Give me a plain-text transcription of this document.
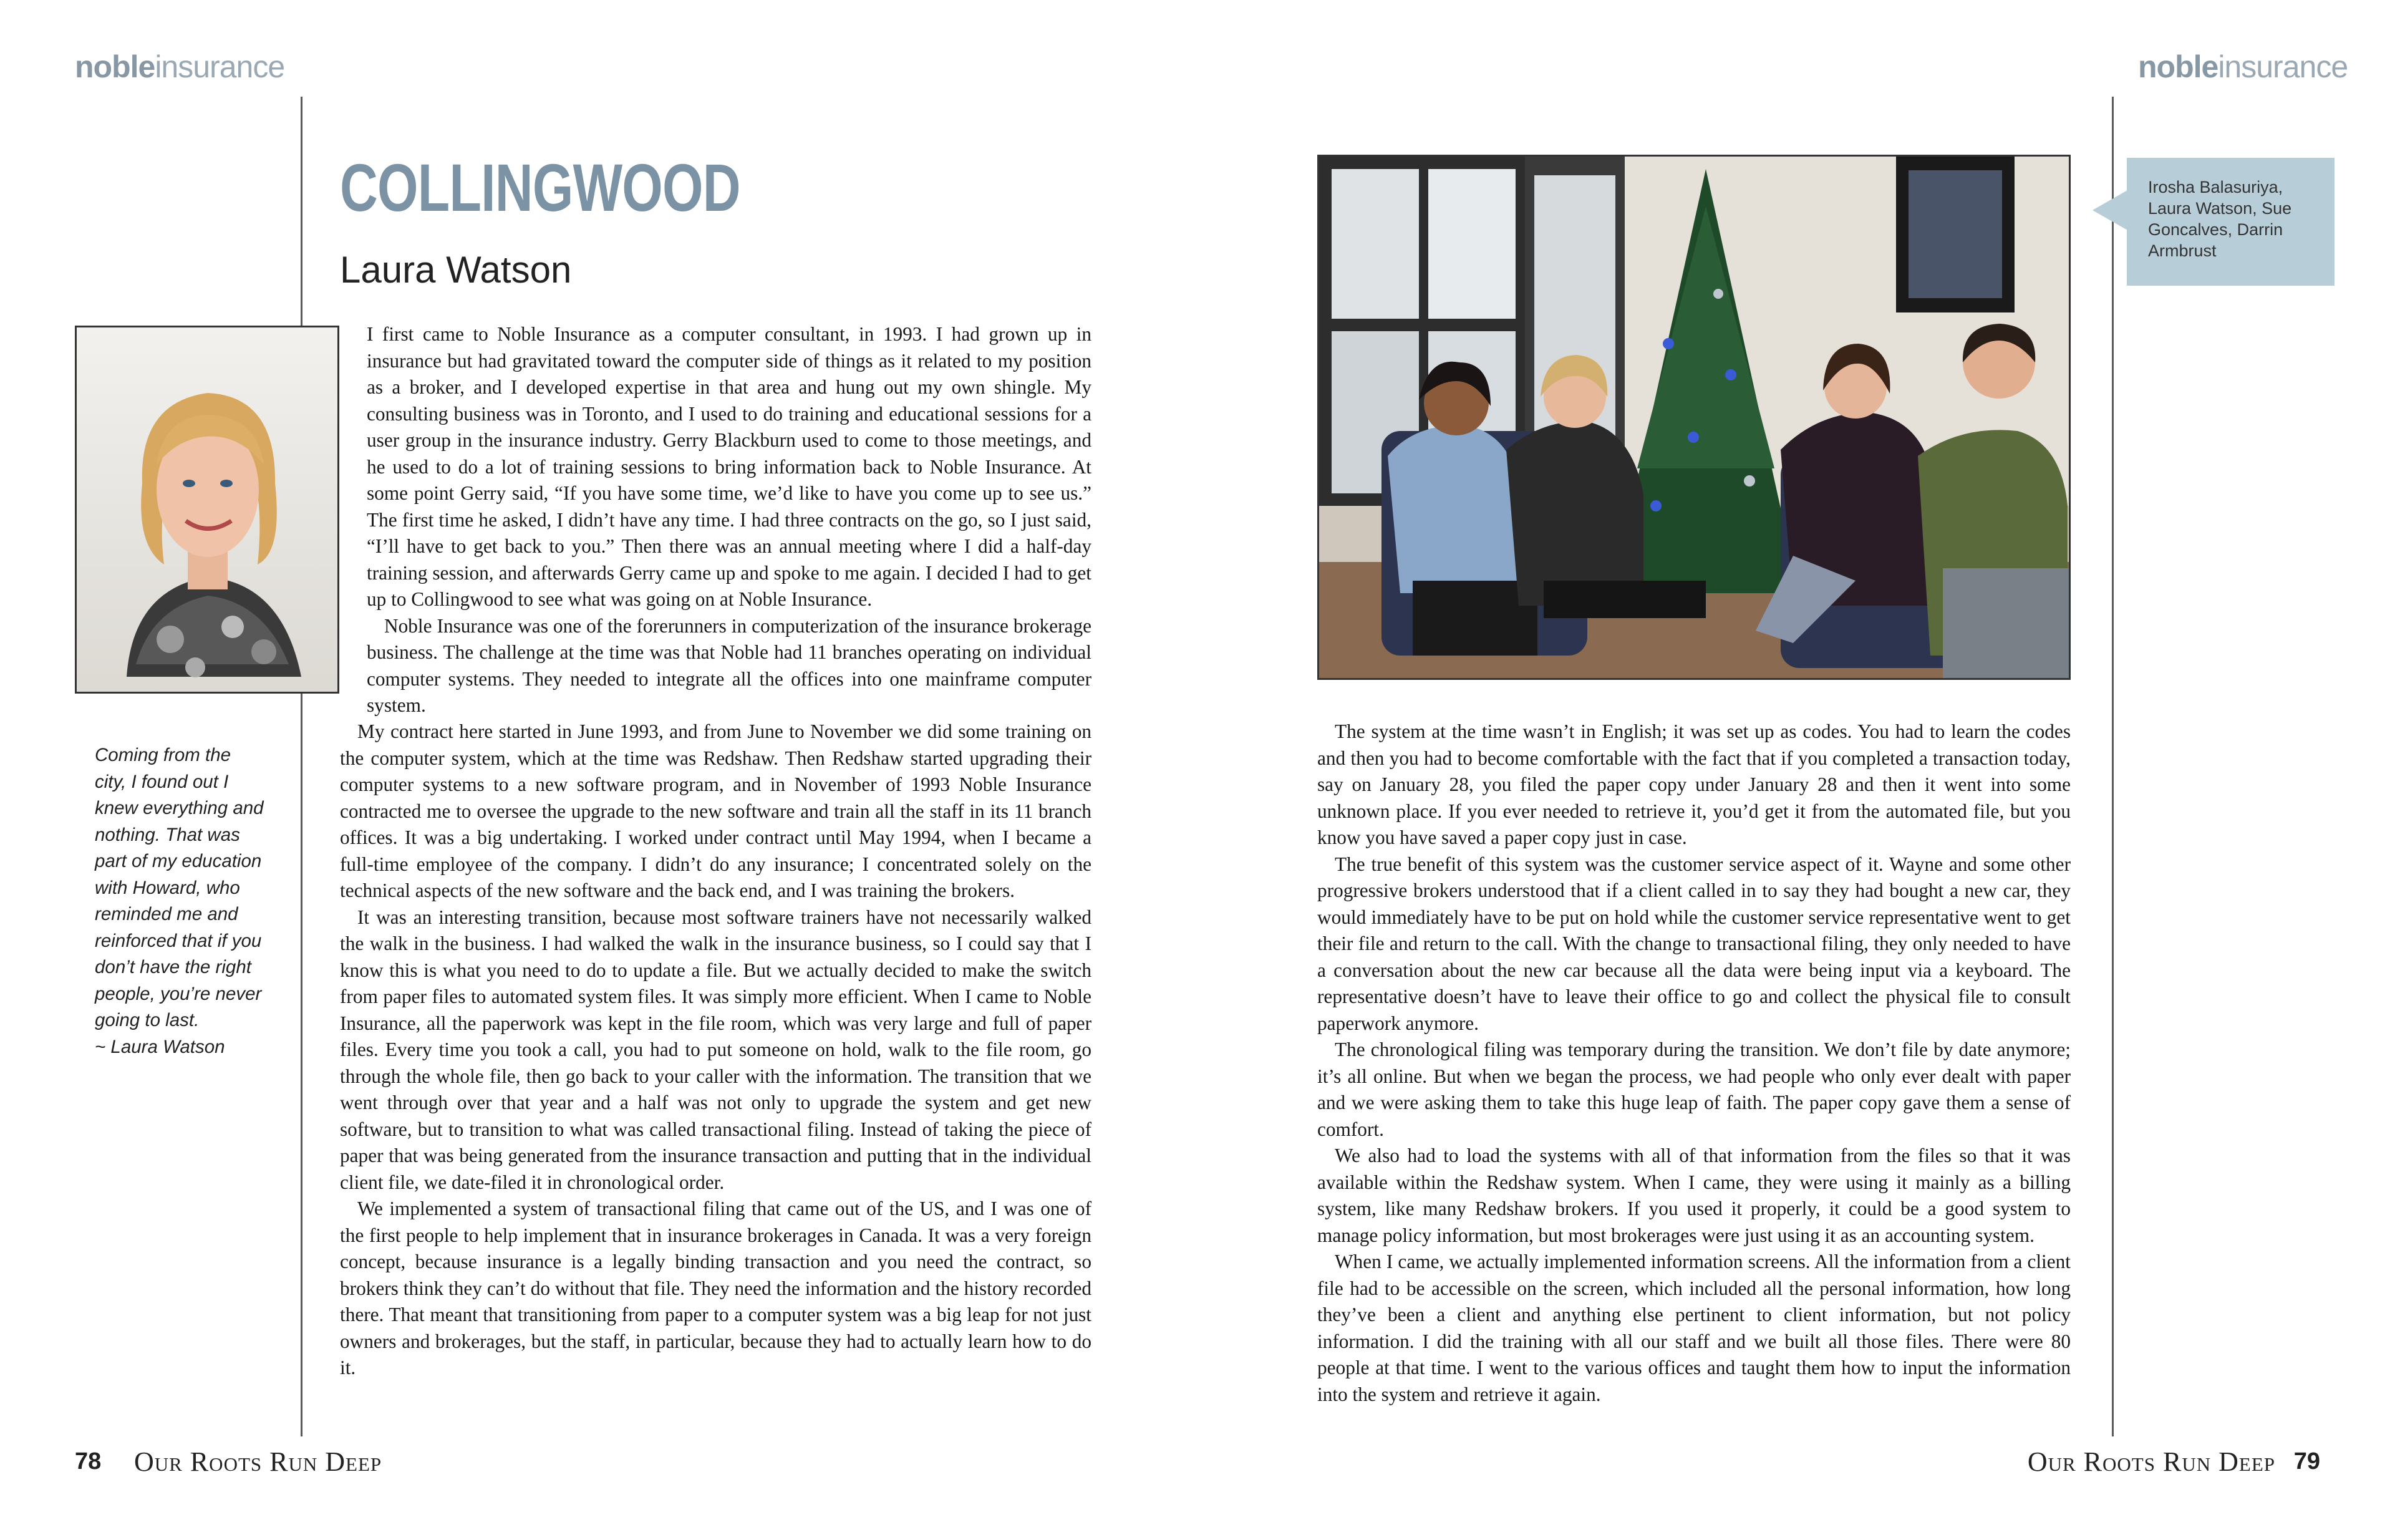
nobleinsurance	nobleinsurance
COLLINGWOOD
Laura Watson
Coming from the
city, I found out I
knew everything and
nothing. That was
part of my education
with Howard, who
reminded me and
reinforced that if you
don’t have the right
people, you’re never
going to last.
~ Laura Watson

I first came to Noble Insurance as a computer consultant, in 1993. I had grown up in insurance but had gravitated toward the computer side of things as it related to my position as a broker, and I developed expertise in that area and hung out my own shingle. My consulting business was in Toronto, and I used to do training and educational sessions for a user group in the insurance industry. Gerry Blackburn used to come to those meetings, and he used to do a lot of training sessions to bring information back to Noble Insurance. At some point Gerry said, “If you have some time, we’d like to have you come up to see us.” The first time he asked, I didn’t have any time. I had three contracts on the go, so I just said, “I’ll have to get back to you.” Then there was an annual meeting where I did a half-day training session, and afterwards Gerry came up and spoke to me again. I decided I had to get up to Collingwood to see what was going on at Noble Insurance.

Noble Insurance was one of the forerunners in computerization of the insurance brokerage business. The challenge at the time was that Noble had 11 branches operating on individual computer systems. They needed to integrate all the offices into one mainframe computer system.

My contract here started in June 1993, and from June to November we did some training on the computer system, which at the time was Redshaw. Then Redshaw started upgrading their computer systems to a new software program, and in November of 1993 Noble Insurance contracted me to oversee the upgrade to the new software and train all the staff in its 11 branch offices. It was a big undertaking. I worked under contract until May 1994, when I became a full-time employee of the company. I didn’t do any insurance; I concentrated solely on the technical aspects of the new software and the back end, and I was training the brokers.

It was an interesting transition, because most software trainers have not necessarily walked the walk in the business. I had walked the walk in the insurance business, so I could say that I know this is what you need to do to update a file. But we actually decided to make the switch from paper files to automated system files. It was simply more efficient. When I came to Noble Insurance, all the paperwork was kept in the file room, which was very large and full of paper files. Every time you took a call, you had to put someone on hold, walk to the file room, go through the whole file, then go back to your caller with the information. The transition that we went through over that year and a half was not only to upgrade the system and get new software, but to transition to what was called transactional filing. Instead of taking the piece of paper that was being generated from the insurance transaction and putting that in the individual client file, we date-filed it in chronological order.

We implemented a system of transactional filing that came out of the US, and I was one of the first people to help implement that in insurance brokerages in Canada. It was a very foreign concept, because insurance is a legally binding transaction and you need the contract, so brokers think they can’t do without that file. They need the information and the history recorded there. That meant that transitioning from paper to a computer system was a big leap for not just owners and brokerages, but the staff, in particular, because they had to actually learn how to do it.

Irosha Balasuriya, Laura Watson, Sue Goncalves, Darrin Armbrust

The system at the time wasn’t in English; it was set up as codes. You had to learn the codes and then you had to become comfortable with the fact that if you completed a transaction today, say on January 28, you filed the paper copy under January 28 and then it went into some unknown place. If you ever needed to retrieve it, you’d get it from the automated file, but you know you have saved a paper copy just in case.

The true benefit of this system was the customer service aspect of it. Wayne and some other progressive brokers understood that if a client called in to say they had bought a new car, they would immediately have to be put on hold while the customer service representative went to get their file and return to the call. With the change to transactional filing, they only needed to have a conversation about the new car because all the data were being input via a keyboard. The representative doesn’t have to leave their office to go and collect the physical file to consult paperwork anymore.

The chronological filing was temporary during the transition. We don’t file by date anymore; it’s all online. But when we began the process, we had people who only ever dealt with paper and we were asking them to take this huge leap of faith. The paper copy gave them a sense of comfort.

We also had to load the systems with all of that information from the files so that it was available within the Redshaw system. When I came, they were using it mainly as a billing system, like many Redshaw brokers. If you used it properly, it could be a good system to manage policy information, but most brokerages were just using it as an accounting system.

When I came, we actually implemented information screens. All the information from a client file had to be accessible on the screen, which included all the personal information, how long they’ve been a client and anything else pertinent to client information, but not policy information. I did the training with all our staff and we built all those files. There were 80 people at that time. I went to the various offices and taught them how to input the information into the system and retrieve it again.

78 Our Roots Run Deep	Our Roots Run Deep 79
